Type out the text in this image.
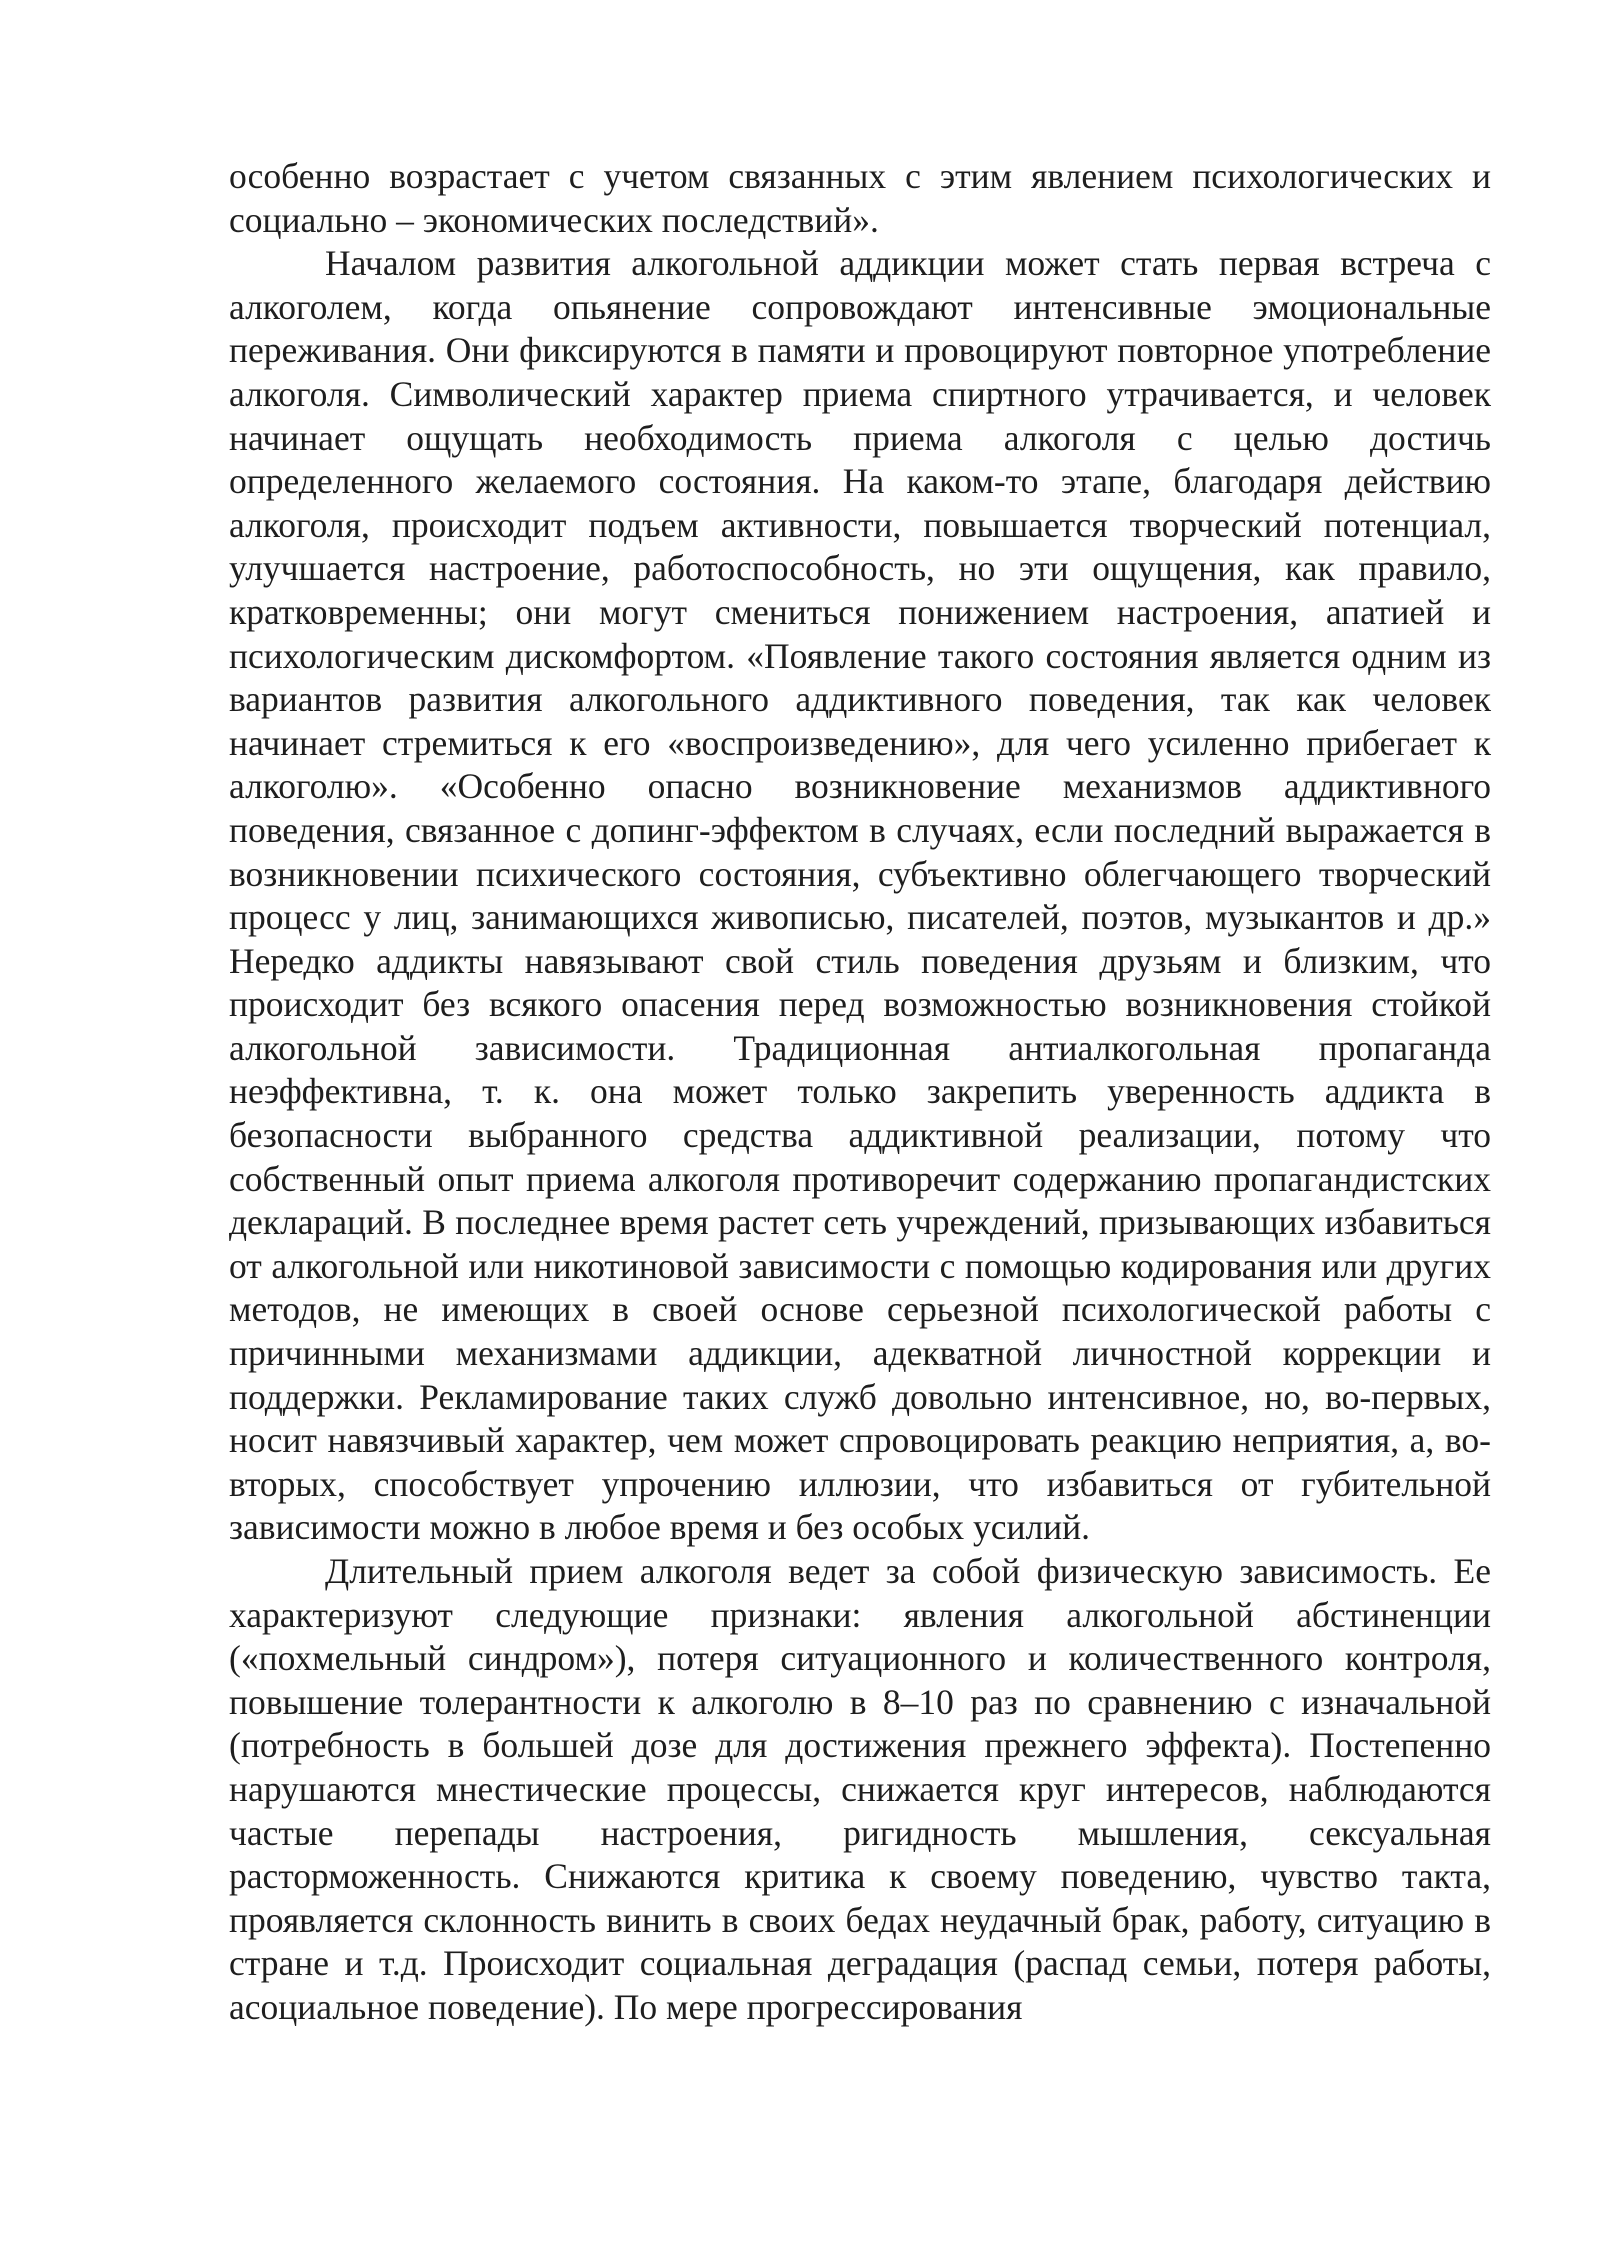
особенно возрастает с учетом связанных с этим явлением психологических и социально – экономических последствий».

Началом развития алкогольной аддикции может стать первая встреча с алкоголем, когда опьянение сопровождают интенсивные эмоциональные переживания. Они фиксируются в памяти и провоцируют повторное употребление алкоголя. Символический характер приема спиртного утрачивается, и человек начинает ощущать необходимость приема алкоголя с целью достичь определенного желаемого состояния. На каком-то этапе, благодаря действию алкоголя, происходит подъем активности, повышается творческий потенциал, улучшается настроение, работоспособность, но эти ощущения, как правило, кратковременны; они могут смениться понижением настроения, апатией и психологическим дискомфортом. «Появление такого состояния является одним из вариантов развития алкогольного аддиктивного поведения, так как человек начинает стремиться к его «воспроизведению», для чего усиленно прибегает к алкоголю». «Особенно опасно возникновение механизмов аддиктивного поведения, связанное с допинг-эффектом в случаях, если последний выражается в возникновении психического состояния, субъективно облегчающего творческий процесс у лиц, занимающихся живописью, писателей, поэтов, музыкантов и др.» Нередко аддикты навязывают свой стиль поведения друзьям и близким, что происходит без всякого опасения перед возможностью возникновения стойкой алкогольной зависимости. Традиционная антиалкогольная пропаганда неэффективна, т. к. она может только закрепить уверенность аддикта в безопасности выбранного средства аддиктивной реализации, потому что собственный опыт приема алкоголя противоречит содержанию пропагандистских деклараций. В последнее время растет сеть учреждений, призывающих избавиться от алкогольной или никотиновой зависимости с помощью кодирования или других методов, не имеющих в своей основе серьезной психологической работы с причинными механизмами аддикции, адекватной личностной коррекции и поддержки. Рекламирование таких служб довольно интенсивное, но, во-первых, носит навязчивый характер, чем может спровоцировать реакцию неприятия, а, во-вторых, способствует упрочению иллюзии, что избавиться от губительной зависимости можно в любое время и без особых усилий.

Длительный прием алкоголя ведет за собой физическую зависимость. Ее характеризуют следующие признаки: явления алкогольной абстиненции («похмельный синдром»), потеря ситуационного и количественного контроля, повышение толерантности к алкоголю в 8–10 раз по сравнению с изначальной (потребность в большей дозе для достижения прежнего эффекта). Постепенно нарушаются мнестические процессы, снижается круг интересов, наблюдаются частые перепады настроения, ригидность мышления, сексуальная расторможенность. Снижаются критика к своему поведению, чувство такта, проявляется склонность винить в своих бедах неудачный брак, работу, ситуацию в стране и т.д. Происходит социальная деградация (распад семьи, потеря работы, асоциальное поведение). По мере прогрессирования
